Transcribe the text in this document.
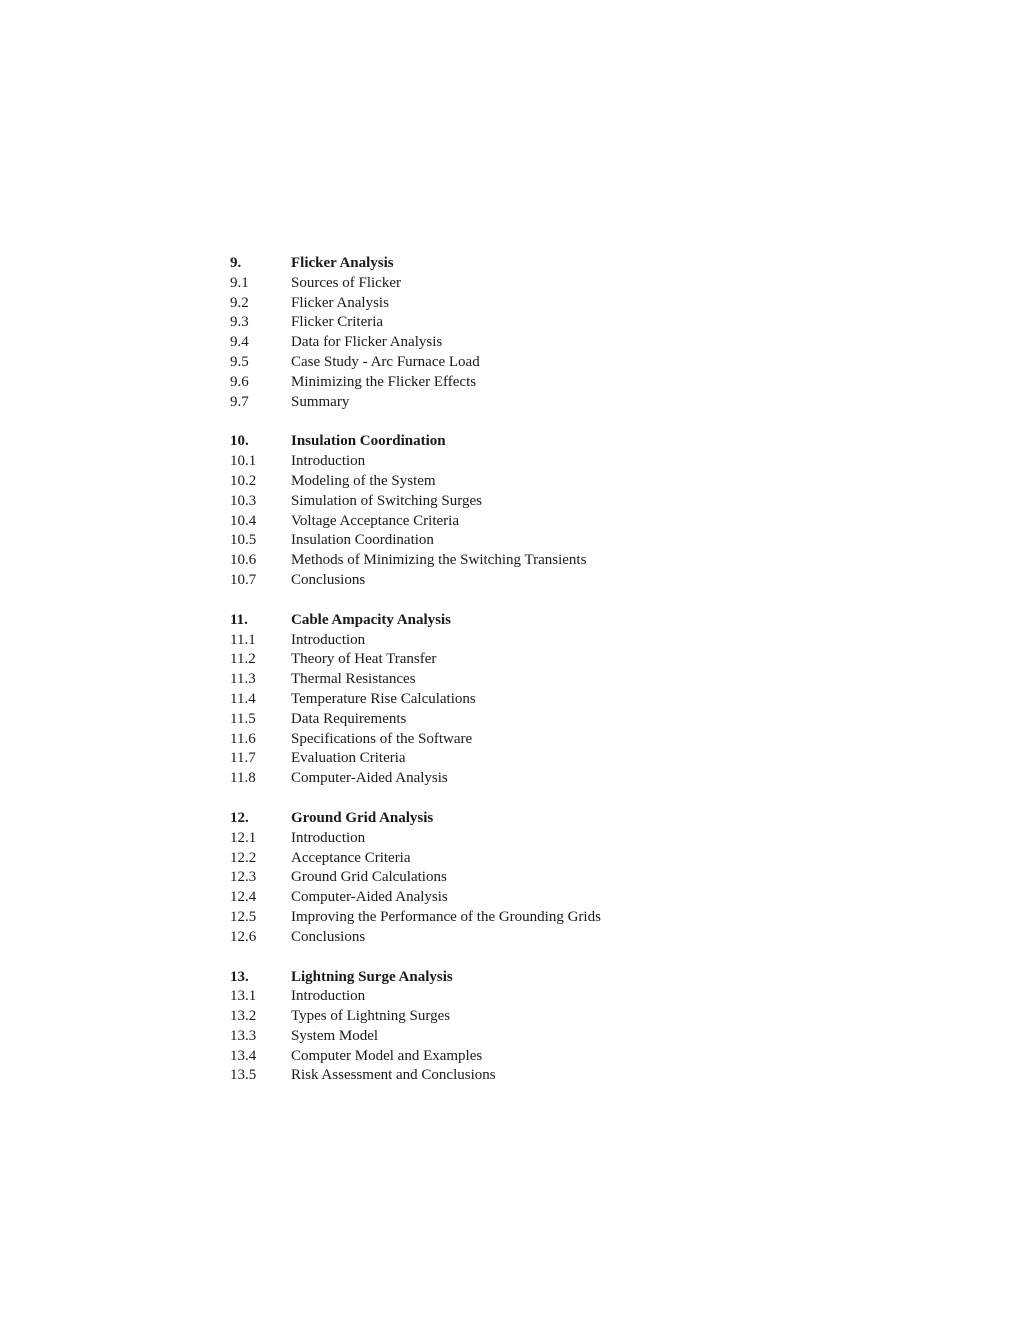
9.	Flicker Analysis
9.1	Sources of Flicker
9.2	Flicker Analysis
9.3	Flicker Criteria
9.4	Data for Flicker Analysis
9.5	Case Study - Arc Furnace Load
9.6	Minimizing the Flicker Effects
9.7	Summary
10.	Insulation Coordination
10.1	Introduction
10.2	Modeling of the System
10.3	Simulation of Switching Surges
10.4	Voltage Acceptance Criteria
10.5	Insulation Coordination
10.6	Methods of Minimizing the Switching Transients
10.7	Conclusions
11.	Cable Ampacity Analysis
11.1	Introduction
11.2	Theory of Heat Transfer
11.3	Thermal Resistances
11.4	Temperature Rise Calculations
11.5	Data Requirements
11.6	Specifications of the Software
11.7	Evaluation Criteria
11.8	Computer-Aided Analysis
12.	Ground Grid Analysis
12.1	Introduction
12.2	Acceptance Criteria
12.3	Ground Grid Calculations
12.4	Computer-Aided Analysis
12.5	Improving the Performance of the Grounding Grids
12.6	Conclusions
13.	Lightning Surge Analysis
13.1	Introduction
13.2	Types of Lightning Surges
13.3	System Model
13.4	Computer Model and Examples
13.5	Risk Assessment and Conclusions
